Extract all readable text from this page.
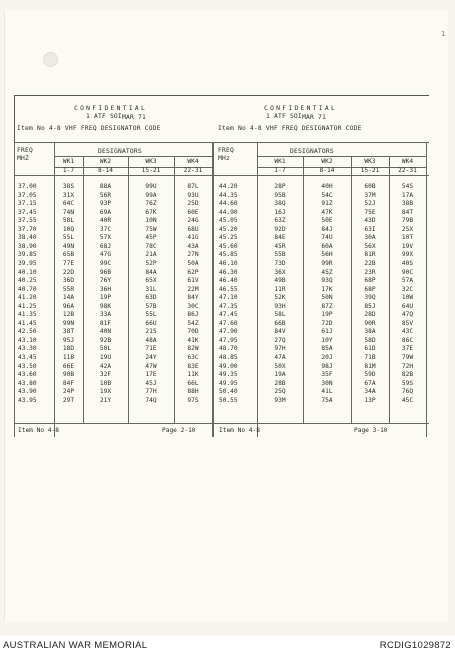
1
CONFIDENTIAL
1 ATF SOI MAR 71
Item No 4-8 VHF FREQ DESIGNATOR CODE
CONFIDENTIAL
1 ATF SOI MAR 71
Item No 4-8 VHF FREQ DESIGNATOR CODE
FREQ
MHZ
DESIGNATORS	FREQ
MHz
DESIGNATORS
WK1
1-7
WK2
8-14
WK3
15-21
WK4
22-31
37.00	38S	88A	99U	87L
37.05	31X	56R	99A	93U
37.15	64C	93P	76Z	25D
37.45	74N	69A	67K	60E
37.55	58L	40R	10N	24G
37.70	10Q	37C	75W	68U
38.40	55L	57X	45P	41G
38.90	49N	68J	78C	43A
39.85	65B	47G	21A	27N
39.95	77E	99C	52P	50A
40.10	22D	96B	84A	62P
40.25	36D	76Y	65X	61V
40.70	55R	36H	31L	22M
41.20	14A	19P	63D	84Y
41.25	96A	98K	57B	30C
41.35	12B	33A	55L	86J
41.45	99N	81F	66U	54Z
42.50	38T	40N	21S	70D
43.10	95J	92B	48A	41K
43.30	18D	50L	71E	82W
43.45	11B	19U	24Y	63C
43.50	66E	42A	47W	83E
43.60	90B	32F	17E	11K
43.80	84F	10B	45J	66L
43.90	24P	19X	77H	88H
43.95	29T	21Y	74Q	97S
WK1
1-7
WK2
8-14
WK3
15-21
WK4
22-31
44.20	28P	40H	60B	54S
44.35	95B	54C	37M	17A
44.60	38Q	91Z	52J	38B
44.90	16J	47K	75E	84T
45.05	63Z	50E	43D	79B
45.20	92D	84J	63I	25X
45.25	84E	74U	30A	10T
45.60	45R	60A	56X	19V
45.85	55B	56H	81R	99X
46.10	73D	99R	22B	40S
46.30	36X	45Z	23R	90C
46.40	49B	93Q	68P	57A
46.55	11R	17K	68P	32C
47.10	52K	50N	39Q	10W
47.35	93H	87Z	85J	64U
47.45	58L	19P	28D	47Q
47.60	66B	72D	90R	85V
47.90	84V	61J	38A	43C
47.95	27Q	10Y	58D	86C
48.70	97H	85A	61D	37E
48.85	47A	20J	71B	79W
49.00	50X	98J	81M	72H
49.35	19A	35F	59D	82B
49.95	28B	30N	67A	59S
50.40	25Q	41L	34A	76Q
50.55	93M	75A	13P	45C
Item No 4-8	Page 2-10	Item No 4-8	Page 3-10
AUSTRALIAN WAR MEMORIAL	RCDIG1029872
